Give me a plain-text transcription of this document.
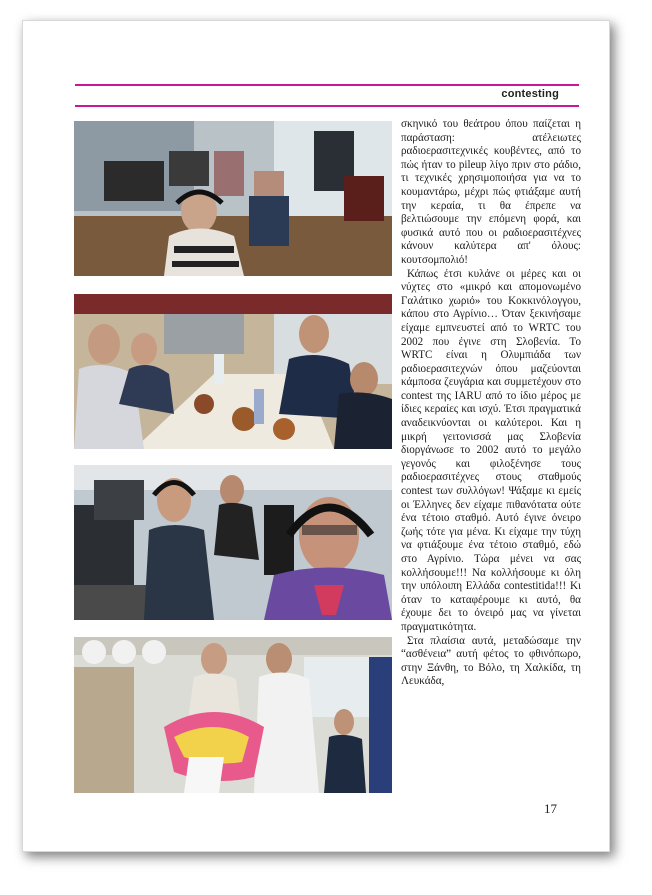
contesting

σκηνικό του θεάτρου όπου παίζεται η παράσταση: ατέλειωτες ραδιοερασιτεχνικές κουβέντες, από το πώς ήταν το pileup λίγο πριν στο ράδιο, τι τεχνικές χρησιμοποιήσα για να το κουμαντάρω, μέχρι πώς φτιάξαμε αυτή την κεραία, τι θα έπρεπε να βελτιώσουμε την επόμενη φορά, και φυσικά αυτό που οι ραδιοερασιτέχνες κάνουν καλύτερα απ' όλους: κουτσομπολιό!

Κάπως έτσι κυλάνε οι μέρες και οι νύχτες στο «μικρό και απομονωμένο Γαλάτικο χωριό» του Κοκκινόλογγου, κάπου στο Αγρίνιο… Όταν ξεκινήσαμε είχαμε εμπνευστεί από το WRTC του 2002 που έγινε στη Σλοβενία. Το WRTC είναι η Ολυμπιάδα των ραδιοερασιτεχνών όπου μαζεύονται κάμποσα ζευγάρια και συμμετέχουν στο contest της IARU από το ίδιο μέρος με ίδιες κεραίες και ισχύ. Έτσι πραγματικά αναδεικνύονται οι καλύτεροι. Και η μικρή γειτονισσά μας Σλοβενία διοργάνωσε το 2002 αυτό το μεγάλο γεγονός και φιλοξένησε τους ραδιοερασιτέχνες στους σταθμούς contest των συλλόγων! Ψάξαμε κι εμείς οι Έλληνες δεν είχαμε πιθανότατα ούτε ένα τέτοιο σταθμό. Αυτό έγινε όνειρο ζωής τότε για μένα. Κι είχαμε την τύχη να φτιάξουμε ένα τέτοιο σταθμό, εδώ στο Αγρίνιο. Τώρα μένει να σας κολλήσουμε!!! Να κολλήσουμε κι όλη την υπόλοιπη Ελλάδα contestitida!!! Κι όταν το καταφέρουμε κι αυτό, θα έχουμε δει το όνειρό μας να γίνεται πραγματικότητα.

Στα πλαίσια αυτά, μεταδώσαμε την “ασθένεια” αυτή φέτος το φθινόπωρο, στην Ξάνθη, το Βόλο, τη Χαλκίδα, τη Λευκάδα,

17
